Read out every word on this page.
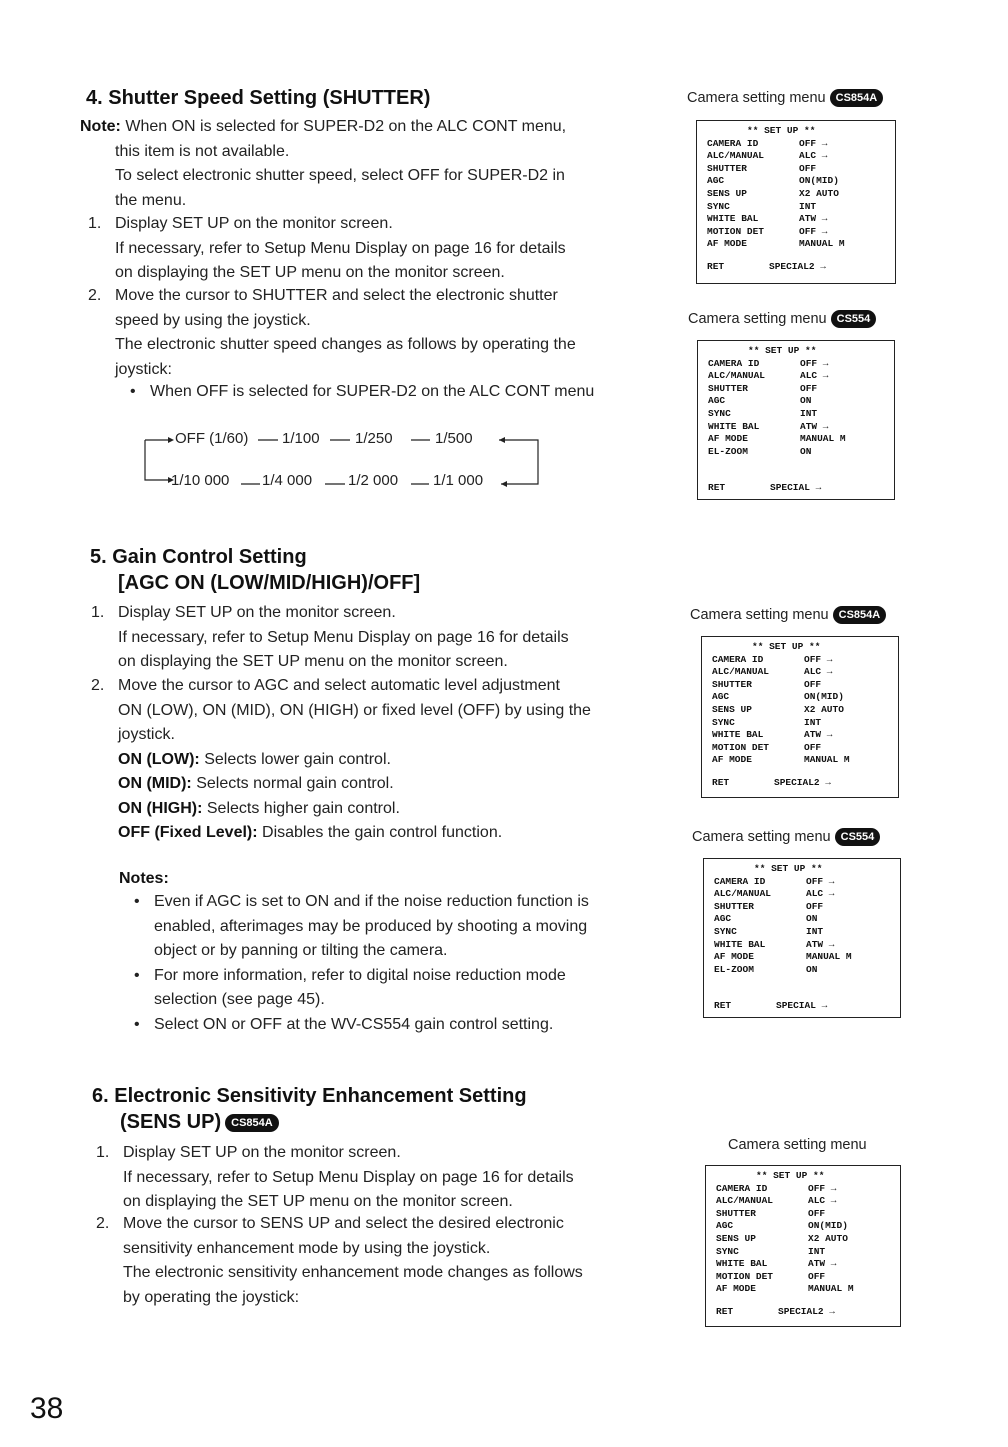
4. Shutter Speed Setting (SHUTTER)

Note: When ON is selected for SUPER-D2 on the ALC CONT menu,

this item is not available.

To select electronic shutter speed, select OFF for SUPER-D2 in

the menu.

1. Display SET UP on the monitor screen.

If necessary, refer to Setup Menu Display on page 16 for details

on displaying the SET UP menu on the monitor screen.

2. Move the cursor to SHUTTER and select the electronic shutter

speed by using the joystick.

The electronic shutter speed changes as follows by operating the

joystick:

• When OFF is selected for SUPER-D2 on the ALC CONT menu

OFF (1/60) 1/100 1/250	1/500
1/10 000 1/4 000 1/2 000 1/1 000
5. Gain Control Setting
[AGC ON (LOW/MID/HIGH)/OFF]
1. Display SET UP on the monitor screen.

If necessary, refer to Setup Menu Display on page 16 for details

on displaying the SET UP menu on the monitor screen.

2. Move the cursor to AGC and select automatic level adjustment

ON (LOW), ON (MID), ON (HIGH) or fixed level (OFF) by using the

joystick.

ON (LOW): Selects lower gain control.

ON (MID): Selects normal gain control.

ON (HIGH): Selects higher gain control.

OFF (Fixed Level): Disables the gain control function.

Notes:
• Even if AGC is set to ON and if the noise reduction function is

enabled, afterimages may be produced by shooting a moving

object or by panning or tilting the camera.

• For more information, refer to digital noise reduction mode

selection (see page 45).

• Select ON or OFF at the WV-CS554 gain control setting.

6. Electronic Sensitivity Enhancement Setting
(SENS UP) CS854A
1. Display SET UP on the monitor screen.

If necessary, refer to Setup Menu Display on page 16 for details

on displaying the SET UP menu on the monitor screen.

2. Move the cursor to SENS UP and select the desired electronic

sensitivity enhancement mode by using the joystick.

The electronic sensitivity enhancement mode changes as follows

by operating the joystick:

Camera setting menu CS854A
** SET UP **
CAMERA ID	OFF →
ALC/MANUAL	ALC →
SHUTTER	OFF
AGC	ON(MID)
SENS UP	X2 AUTO
SYNC	INT
WHITE BAL	ATW →
MOTION DET	OFF →
AF MODE	MANUAL M
RET	SPECIAL2 →
Camera setting menu CS554
** SET UP **
CAMERA ID	OFF →
ALC/MANUAL	ALC →
SHUTTER	OFF
AGC	ON
SYNC	INT
WHITE BAL	ATW →
AF MODE	MANUAL M
EL-ZOOM	ON
RET	SPECIAL →
Camera setting menu CS854A
** SET UP **
CAMERA ID	OFF →
ALC/MANUAL	ALC →
SHUTTER	OFF
AGC	ON(MID)
SENS UP	X2 AUTO
SYNC	INT
WHITE BAL	ATW →
MOTION DET	OFF
AF MODE	MANUAL M
RET	SPECIAL2 →
Camera setting menu CS554
** SET UP **
CAMERA ID	OFF →
ALC/MANUAL	ALC →
SHUTTER	OFF
AGC	ON
SYNC	INT
WHITE BAL	ATW →
AF MODE	MANUAL M
EL-ZOOM	ON
RET	SPECIAL →
Camera setting menu
** SET UP **
CAMERA ID	OFF →
ALC/MANUAL	ALC →
SHUTTER	OFF
AGC	ON(MID)
SENS UP	X2 AUTO
SYNC	INT
WHITE BAL	ATW →
MOTION DET	OFF
AF MODE	MANUAL M
RET	SPECIAL2 →
38
